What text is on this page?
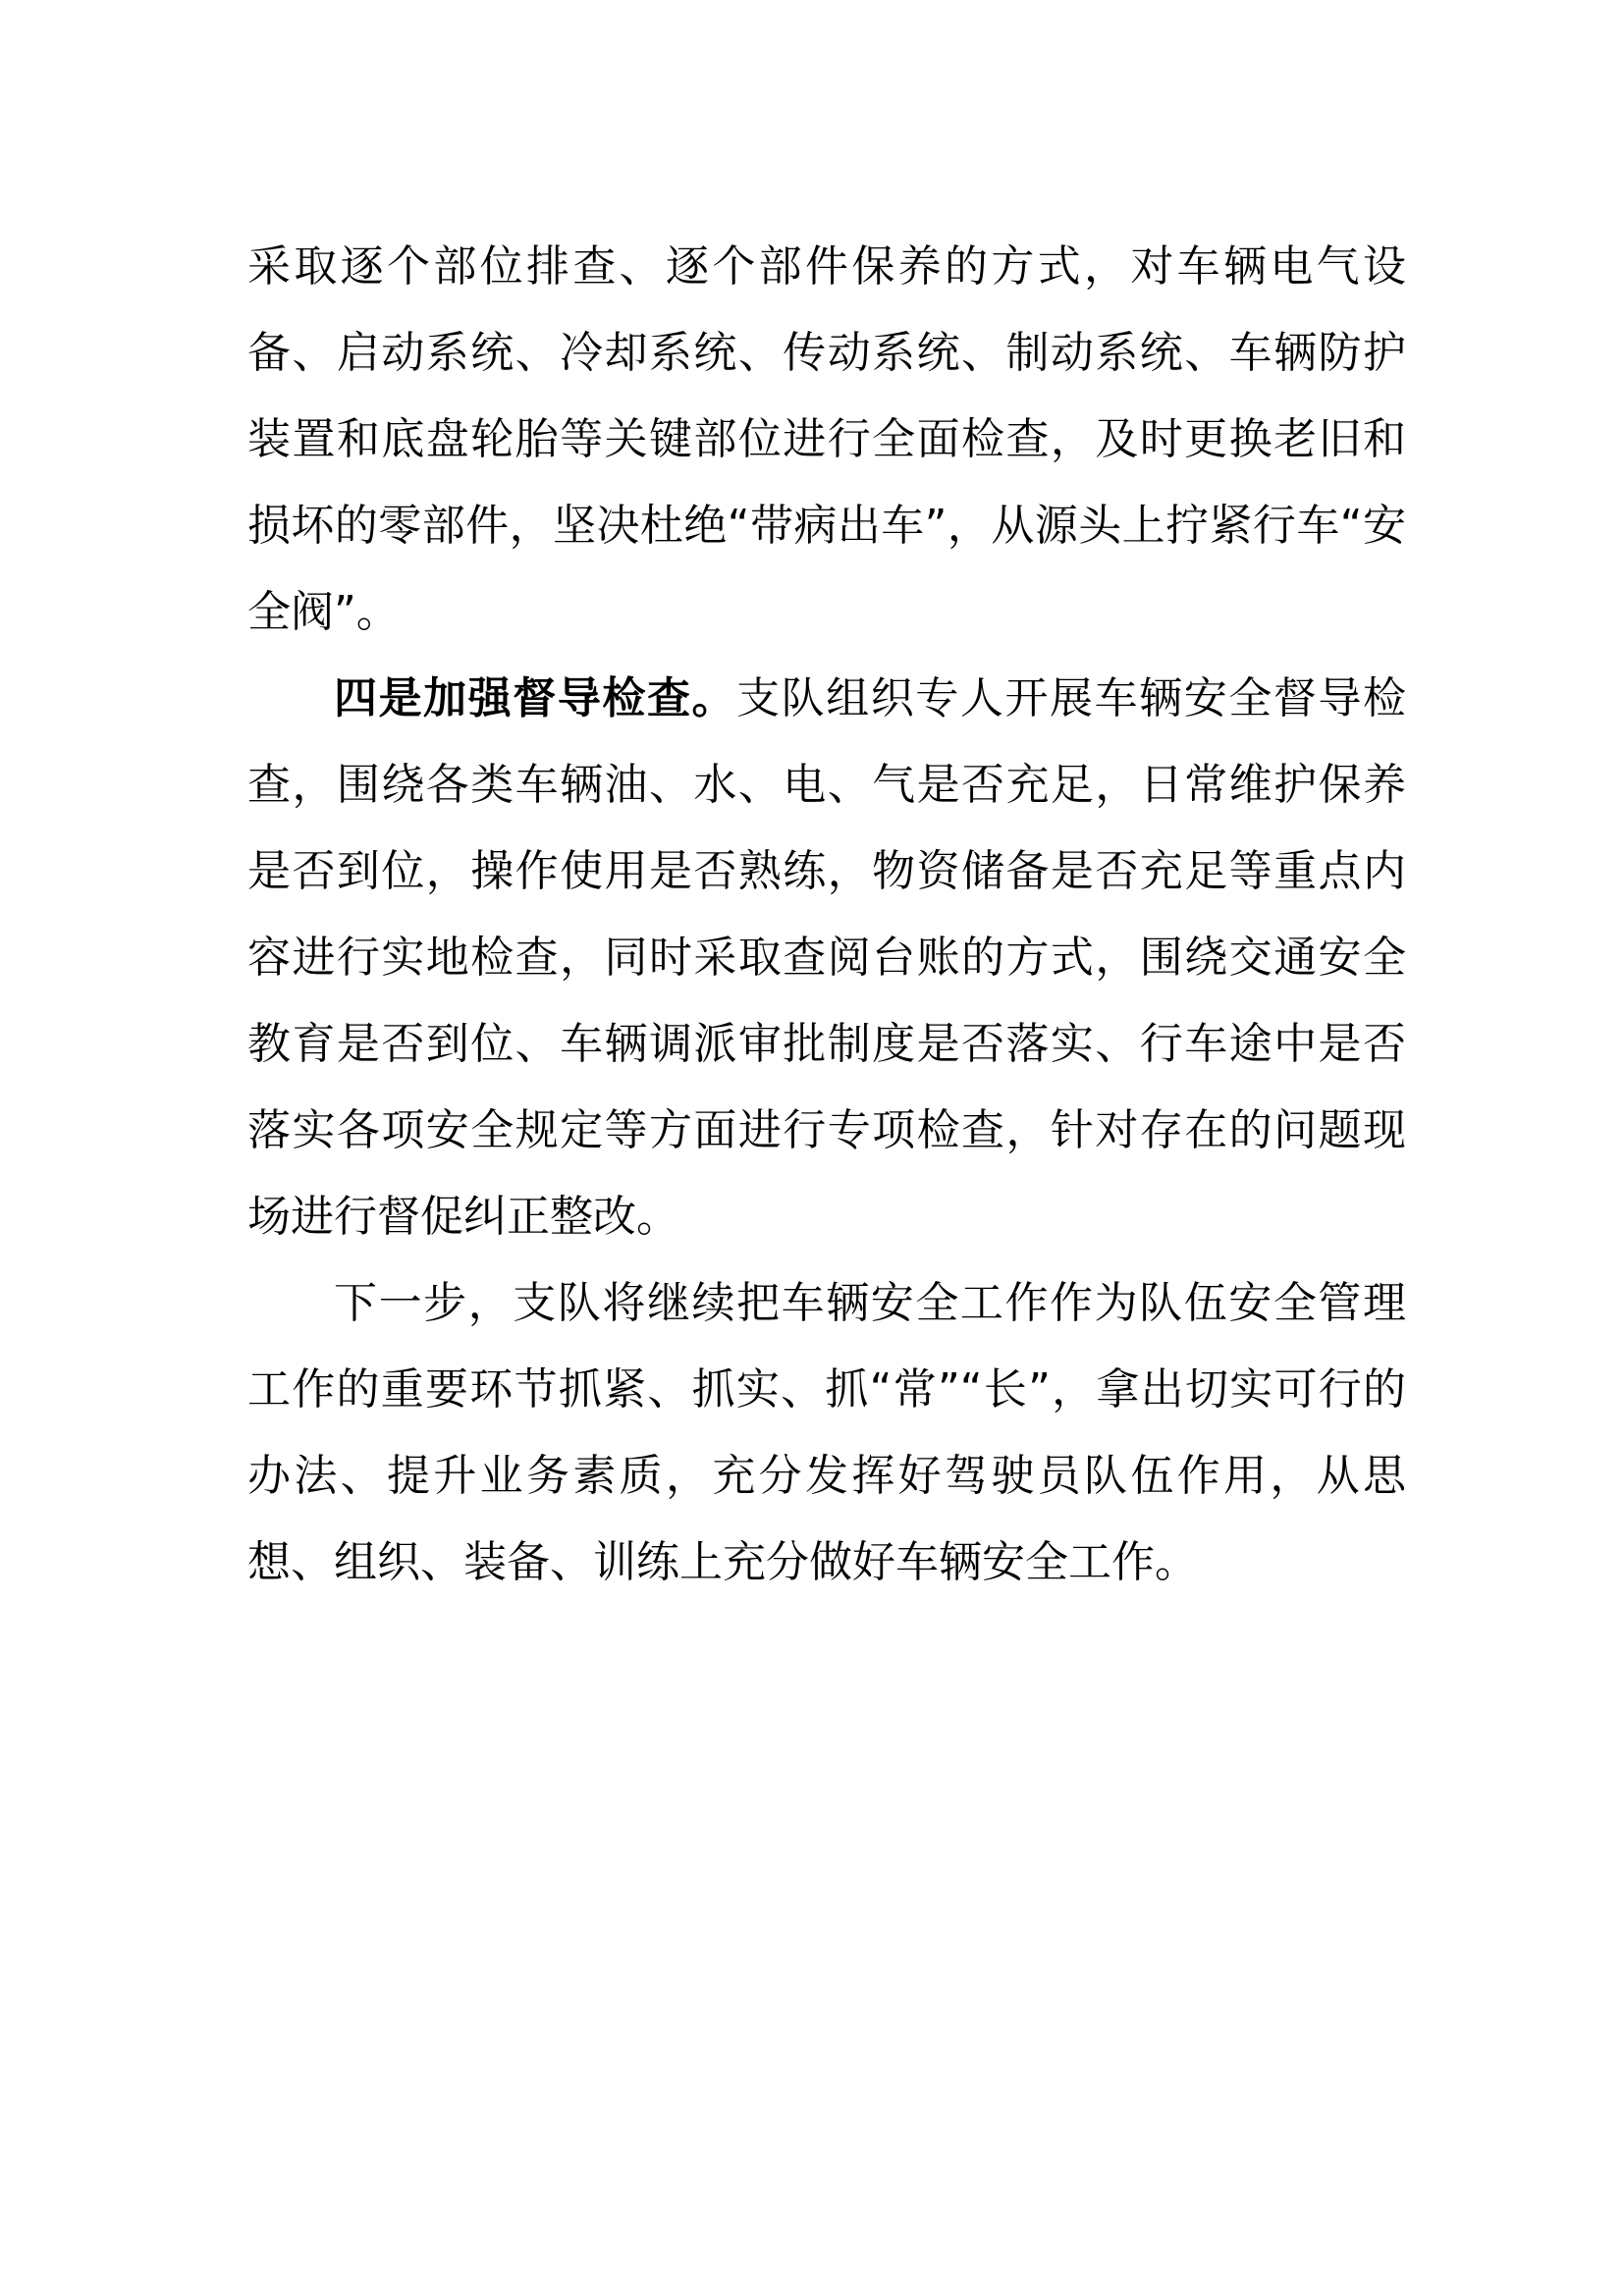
采取逐个部位排查、逐个部件保养的方式，对车辆电气设备、启动系统、冷却系统、传动系统、制动系统、车辆防护装置和底盘轮胎等关键部位进行全面检查，及时更换老旧和损坏的零部件，坚决杜绝“带病出车”，从源头上拧紧行车“安全阀”。

四是加强督导检查。支队组织专人开展车辆安全督导检查，围绕各类车辆油、水、电、气是否充足，日常维护保养是否到位，操作使用是否熟练，物资储备是否充足等重点内容进行实地检查，同时采取查阅台账的方式，围绕交通安全教育是否到位、车辆调派审批制度是否落实、行车途中是否落实各项安全规定等方面进行专项检查，针对存在的问题现场进行督促纠正整改。

下一步，支队将继续把车辆安全工作作为队伍安全管理工作的重要环节抓紧、抓实、抓“常”“长”，拿出切实可行的办法、提升业务素质，充分发挥好驾驶员队伍作用，从思想、组织、装备、训练上充分做好车辆安全工作。
